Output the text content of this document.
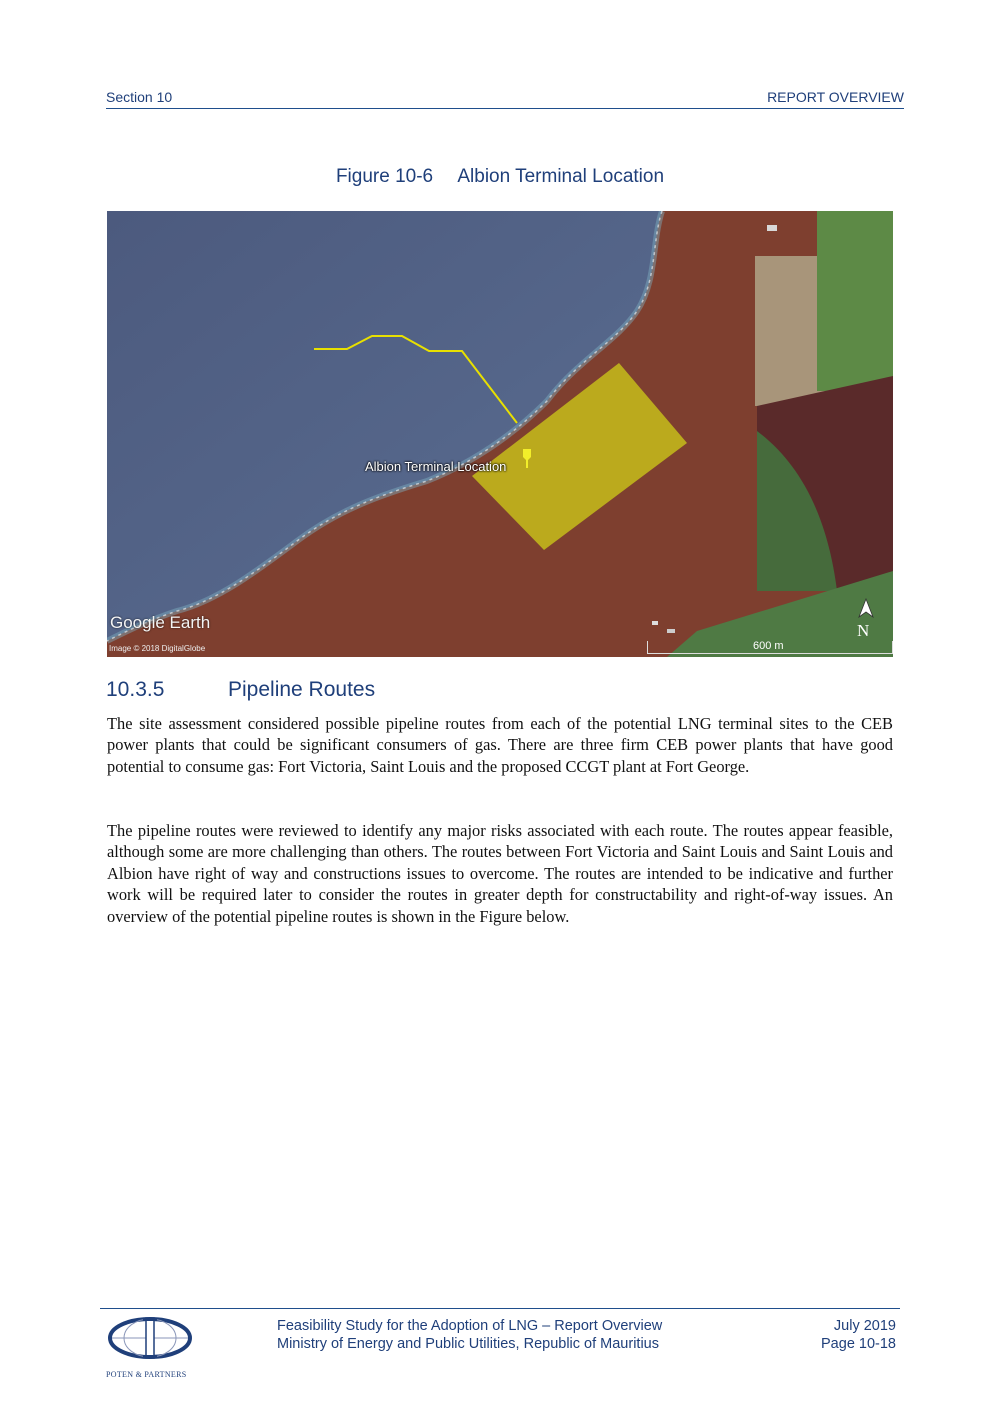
Section 10	REPORT OVERVIEW
Figure 10-6 Albion Terminal Location
Albion Terminal Location
Google Earth
Image © 2018 DigitalGlobe	600 m
N
10.3.5	Pipeline Routes
The site assessment considered possible pipeline routes from each of the potential LNG terminal sites to the CEB power plants that could be significant consumers of gas. There are three firm CEB power plants that have good potential to consume gas: Fort Victoria, Saint Louis and the proposed CCGT plant at Fort George.
The pipeline routes were reviewed to identify any major risks associated with each route. The routes appear feasible, although some are more challenging than others. The routes between Fort Victoria and Saint Louis and Saint Louis and Albion have right of way and constructions issues to overcome. The routes are intended to be indicative and further work will be required later to consider the routes in greater depth for constructability and right-of-way issues. An overview of the potential pipeline routes is shown in the Figure below.
POTEN & PARTNERS
Feasibility Study for the Adoption of LNG – Report Overview
Ministry of Energy and Public Utilities, Republic of Mauritius
July 2019
Page 10-18
